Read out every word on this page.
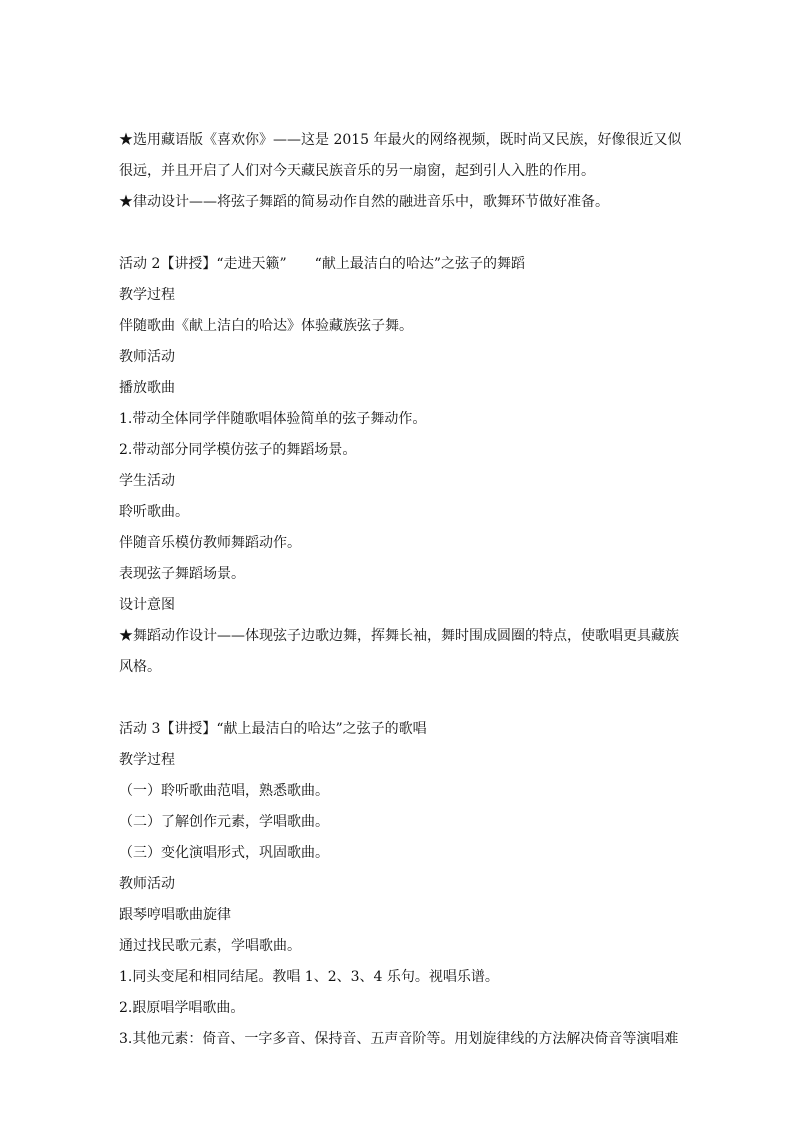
★选用藏语版《喜欢你》——这是 2015 年最火的网络视频，既时尚又民族，好像很近又似
很远，并且开启了人们对今天藏民族音乐的另一扇窗，起到引人入胜的作用。
★律动设计——将弦子舞蹈的简易动作自然的融进音乐中，歌舞环节做好准备。
活动 2【讲授】“走进天籁”　　“献上最洁白的哈达”之弦子的舞蹈
教学过程
伴随歌曲《献上洁白的哈达》体验藏族弦子舞。
教师活动
播放歌曲
1.带动全体同学伴随歌唱体验简单的弦子舞动作。
2.带动部分同学模仿弦子的舞蹈场景。
学生活动
聆听歌曲。
伴随音乐模仿教师舞蹈动作。
表现弦子舞蹈场景。
设计意图
★舞蹈动作设计——体现弦子边歌边舞，挥舞长袖，舞时围成圆圈的特点，使歌唱更具藏族
风格。
活动 3【讲授】“献上最洁白的哈达”之弦子的歌唱
教学过程
（一）聆听歌曲范唱，熟悉歌曲。
（二）了解创作元素，学唱歌曲。
（三）变化演唱形式，巩固歌曲。
教师活动
跟琴哼唱歌曲旋律
通过找民歌元素，学唱歌曲。
1.同头变尾和相同结尾。教唱 1、2、3、4 乐句。视唱乐谱。
2.跟原唱学唱歌曲。
3.其他元素：倚音、一字多音、保持音、五声音阶等。用划旋律线的方法解决倚音等演唱难
